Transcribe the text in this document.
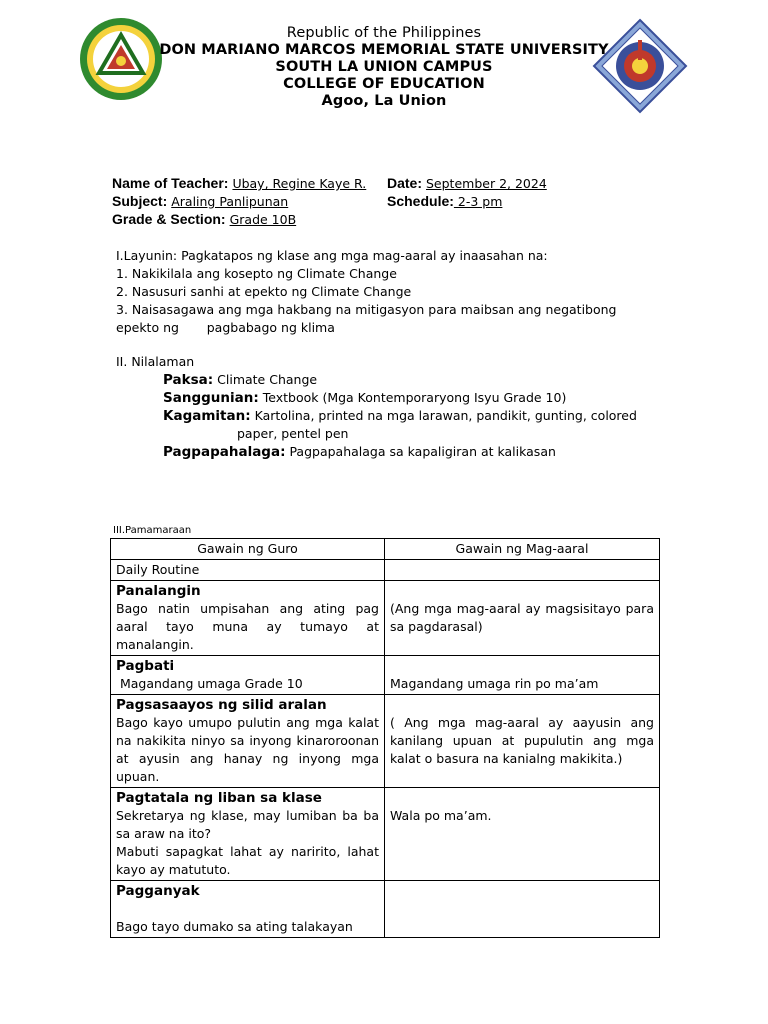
Republic of the Philippines
DON MARIANO MARCOS MEMORIAL STATE UNIVERSITY
SOUTH LA UNION CAMPUS
COLLEGE OF EDUCATION
Agoo, La Union
Name of Teacher: Ubay, Regine Kaye R.
Subject: Araling Panlipunan
Grade & Section: Grade 10B
Date: September 2, 2024
Schedule: 2-3 pm
I.Layunin: Pagkatapos ng klase ang mga mag-aaral ay inaasahan na:
1. Nakikilala ang kosepto ng Climate Change
2. Nasusuri sanhi at epekto ng Climate Change
3. Naisasagawa ang mga hakbang na mitigasyon para maibsan ang negatibong
epekto ng       pagbabago ng klima
II. Nilalaman
Paksa: Climate Change
Sanggunian: Textbook (Mga Kontemporaryong Isyu Grade 10)
Kagamitan: Kartolina, printed na mga larawan, pandikit, gunting, colored
paper, pentel pen
Pagpapahalaga: Pagpapahalaga sa kapaligiran at kalikasan
III.Pamamaraan
Gawain ng Guro	Gawain ng Mag-aaral
Daily Routine	

Panalangin
Bago natin umpisahan ang ating pag aaral tayo muna ay tumayo at manalangin.	(Ang mga mag-aaral ay magsisitayo para sa pagdarasal)

Pagbati
Magandang umaga Grade 10	Magandang umaga rin po ma’am

Pagsasaayos ng silid aralan
Bago kayo umupo pulutin ang mga kalat na nakikita ninyo sa inyong kinaroroonan at ayusin ang hanay ng inyong mga upuan.	( Ang mga mag-aaral ay aayusin ang kanilang upuan at pupulutin ang mga kalat o basura na kanialng makikita.)

Pagtatala ng liban sa klase
Sekretarya ng klase, may lumiban ba ba sa araw na ito?
Mabuti sapagkat lahat ay naririto, lahat kayo ay matututo.	Wala po ma’am.

Pagganyak
Bago tayo dumako sa ating talakayan	
